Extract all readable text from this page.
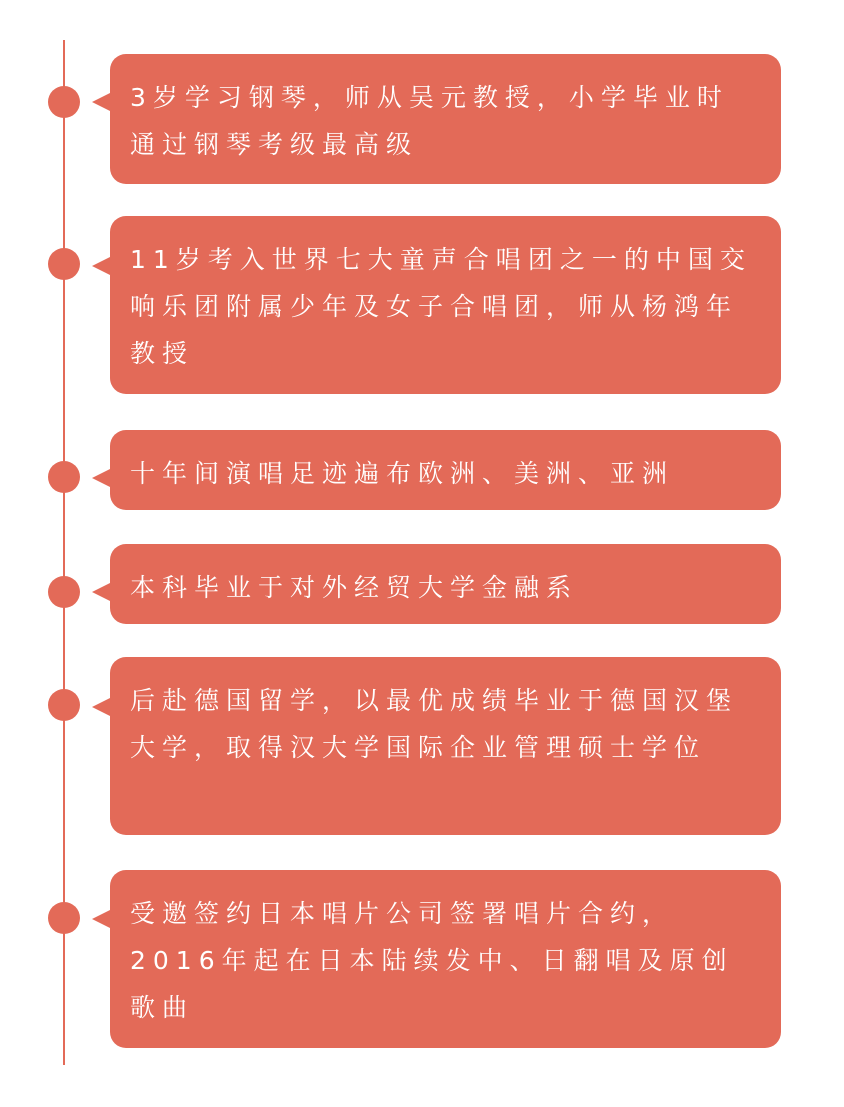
3岁学习钢琴，师从吴元教授，小学毕业时通过钢琴考级最高级
11岁考入世界七大童声合唱团之一的中国交响乐团附属少年及女子合唱团，师从杨鸿年教授
十年间演唱足迹遍布欧洲、美洲、亚洲
本科毕业于对外经贸大学金融系
后赴德国留学，以最优成绩毕业于德国汉堡大学，取得汉大学国际企业管理硕士学位
受邀签约日本唱片公司签署唱片合约，2016年起在日本陆续发中、日翻唱及原创歌曲
